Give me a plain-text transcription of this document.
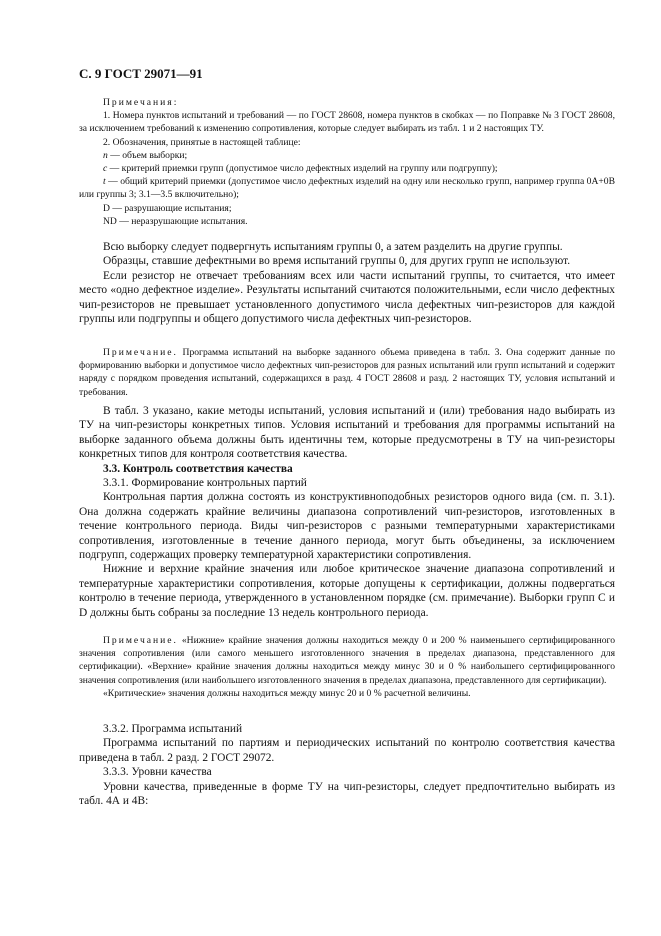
С. 9 ГОСТ 29071—91

Примечания:

1. Номера пунктов испытаний и требований — по ГОСТ 28608, номера пунктов в скобках — по Поправке № 3 ГОСТ 28608, за исключением требований к изменению сопротивления, которые следует выбирать из табл. 1 и 2 настоящих ТУ.

2. Обозначения, принятые в настоящей таблице:

n — объем выборки;

c — критерий приемки групп (допустимое число дефектных изделий на группу или подгруппу);

t — общий критерий приемки (допустимое число дефектных изделий на одну или несколько групп, например группа 0А+0В или группы 3; 3.1—3.5 включительно);

D — разрушающие испытания;

ND — неразрушающие испытания.

Всю выборку следует подвергнуть испытаниям группы 0, а затем разделить на другие группы.

Образцы, ставшие дефектными во время испытаний группы 0, для других групп не используют.

Если резистор не отвечает требованиям всех или части испытаний группы, то считается, что имеет место «одно дефектное изделие». Результаты испытаний считаются положительными, если число дефектных чип-резисторов не превышает установленного допустимого числа дефектных чип-резисторов для каждой группы или подгруппы и общего допустимого числа дефектных чип-резисторов.

Примечание. Программа испытаний на выборке заданного объема приведена в табл. 3. Она содержит данные по формированию выборки и допустимое число дефектных чип-резисторов для разных испытаний или групп испытаний и содержит наряду с порядком проведения испытаний, содержащихся в разд. 4 ГОСТ 28608 и разд. 2 настоящих ТУ, условия испытаний и требования.

В табл. 3 указано, какие методы испытаний, условия испытаний и (или) требования надо выбирать из ТУ на чип-резисторы конкретных типов. Условия испытаний и требования для программы испытаний на выборке заданного объема должны быть идентичны тем, которые предусмотрены в ТУ на чип-резисторы конкретных типов для контроля соответствия качества.

3.3. Контроль соответствия качества

3.3.1. Формирование контрольных партий

Контрольная партия должна состоять из конструктивноподобных резисторов одного вида (см. п. 3.1). Она должна содержать крайние величины диапазона сопротивлений чип-резисторов, изготовленных в течение контрольного периода. Виды чип-резисторов с разными температурными характеристиками сопротивления, изготовленные в течение данного периода, могут быть объединены, за исключением подгрупп, содержащих проверку температурной характеристики сопротивления.

Нижние и верхние крайние значения или любое критическое значение диапазона сопротивлений и температурные характеристики сопротивления, которые допущены к сертификации, должны подвергаться контролю в течение периода, утвержденного в установленном порядке (см. примечание). Выборки групп С и D должны быть собраны за последние 13 недель контрольного периода.

Примечание. «Нижние» крайние значения должны находиться между 0 и 200 % наименьшего сертифицированного значения сопротивления (или самого меньшего изготовленного значения в пределах диапазона, представленного для сертификации). «Верхние» крайние значения должны находиться между минус 30 и 0 % наибольшего сертифицированного значения сопротивления (или наибольшего изготовленного значения в пределах диапазона, представленного для сертификации).

«Критические» значения должны находиться между минус 20 и 0 % расчетной величины.

3.3.2. Программа испытаний

Программа испытаний по партиям и периодических испытаний по контролю соответствия качества приведена в табл. 2 разд. 2 ГОСТ 29072.

3.3.3. Уровни качества

Уровни качества, приведенные в форме ТУ на чип-резисторы, следует предпочтительно выбирать из табл. 4А и 4В:
